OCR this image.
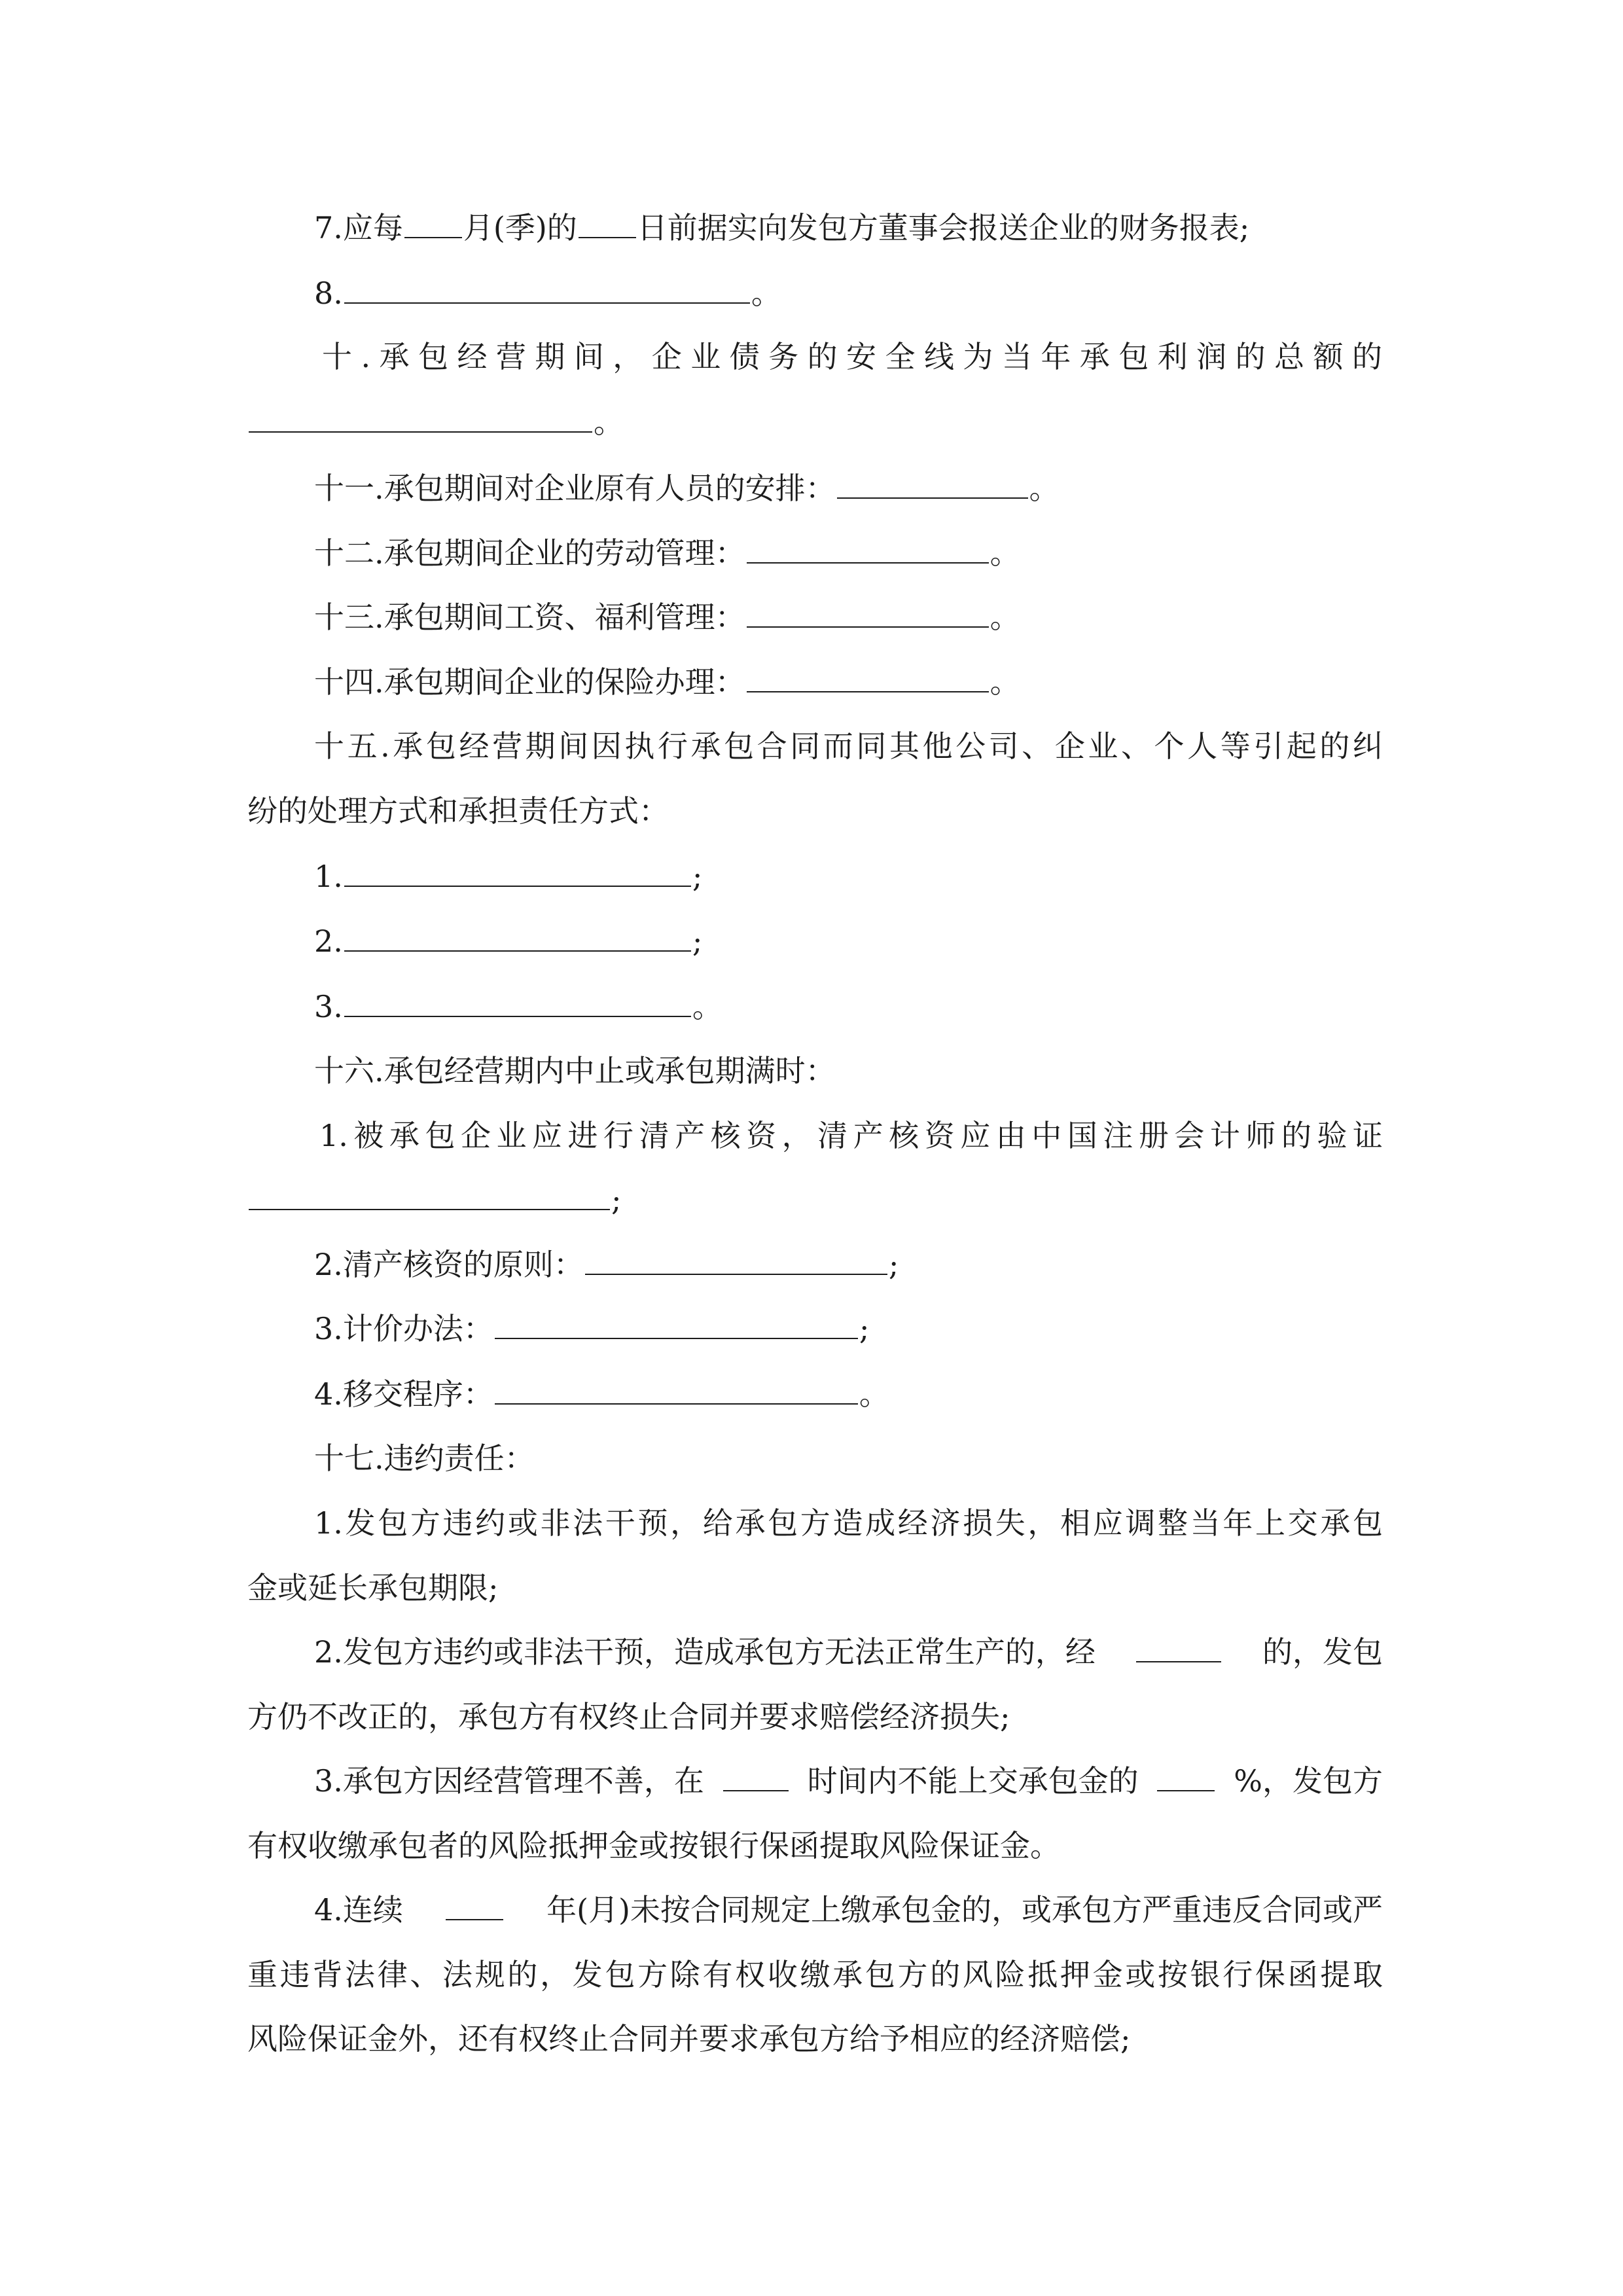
7.应每 月(季)的 日前据实向发包方董事会报送企业的财务报表;
8.	。
十.承包经营期间，企业债务的安全线为当年承包利润的总额的
。
十一.承包期间对企业原有人员的安排：	。
十二.承包期间企业的劳动管理：	。
十三.承包期间工资、福利管理：	。
十四.承包期间企业的保险办理：	。
十五.承包经营期间因执行承包合同而同其他公司、企业、个人等引起的纠
纷的处理方式和承担责任方式：
1.	;
2.	;
3.	。
十六.承包经营期内中止或承包期满时：
1.被承包企业应进行清产核资，清产核资应由中国注册会计师的验证
;
2.清产核资的原则：	;
3.计价办法：	;
4.移交程序：	。
十七.违约责任：
1.发包方违约或非法干预，给承包方造成经济损失，相应调整当年上交承包
金或延长承包期限;
2.发包方违约或非法干预，造成承包方无法正常生产的，经	的，发包
方仍不改正的，承包方有权终止合同并要求赔偿经济损失;
3.承包方因经营管理不善，在	时间内不能上交承包金的	%，发包方
有权收缴承包者的风险抵押金或按银行保函提取风险保证金。
4.连续	年(月)未按合同规定上缴承包金的，或承包方严重违反合同或严
重违背法律、法规的，发包方除有权收缴承包方的风险抵押金或按银行保函提取
风险保证金外，还有权终止合同并要求承包方给予相应的经济赔偿;
